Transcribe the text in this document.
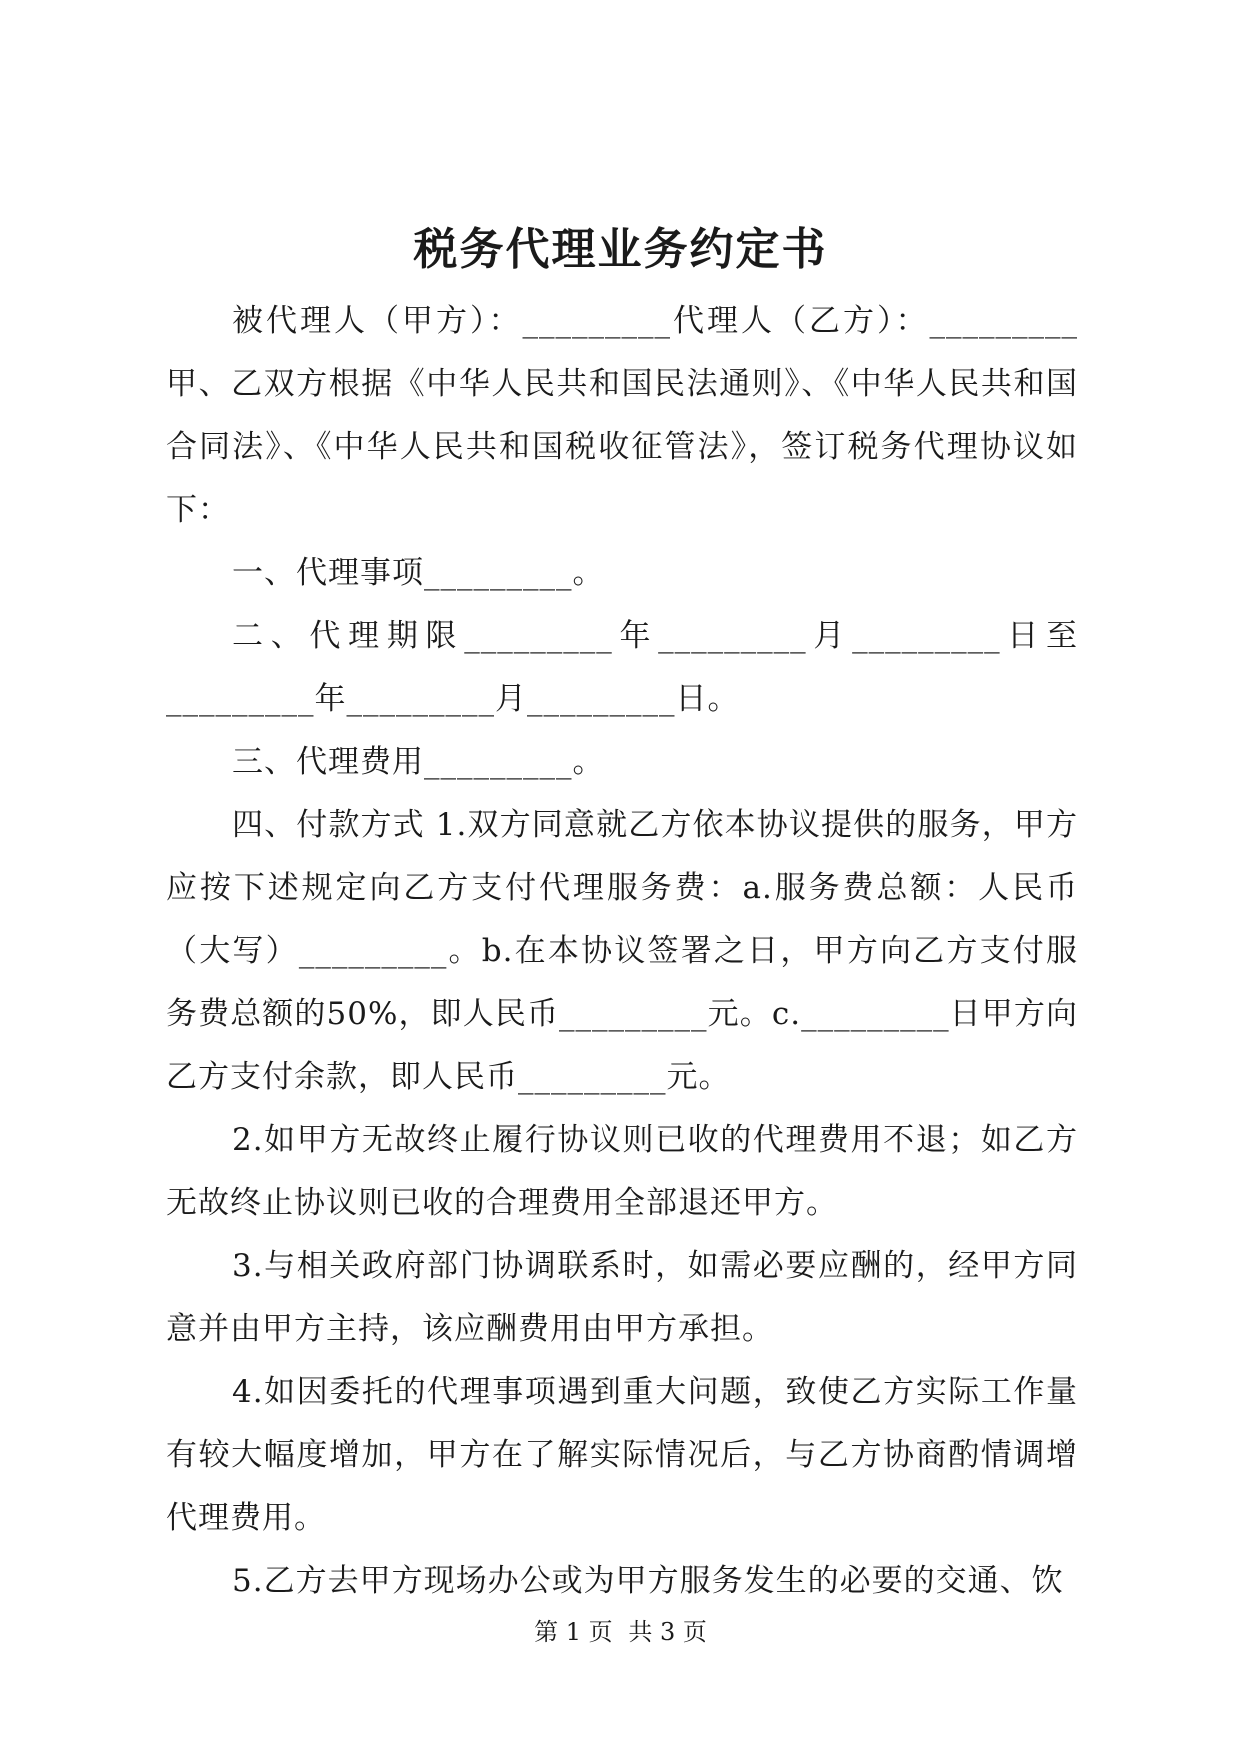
税务代理业务约定书

被代理人（甲方）：_________代理人（乙方）：_________甲、乙双方根据《中华人民共和国民法通则》、《中华人民共和国合同法》、《中华人民共和国税收征管法》，签订税务代理协议如下：

一、代理事项_________。

二、代理期限_________年_________月_________日至

_________年_________月_________日。

三、代理费用_________。

四、付款方式 1.双方同意就乙方依本协议提供的服务，甲方应按下述规定向乙方支付代理服务费：a.服务费总额：人民币（大写）_________。b.在本协议签署之日，甲方向乙方支付服务费总额的50%，即人民币_________元。c._________日甲方向乙方支付余款，即人民币_________元。

2.如甲方无故终止履行协议则已收的代理费用不退；如乙方无故终止协议则已收的合理费用全部退还甲方。

3.与相关政府部门协调联系时，如需必要应酬的，经甲方同意并由甲方主持，该应酬费用由甲方承担。

4.如因委托的代理事项遇到重大问题，致使乙方实际工作量有较大幅度增加，甲方在了解实际情况后，与乙方协商酌情调增代理费用。

5.乙方去甲方现场办公或为甲方服务发生的必要的交通、饮

第 1 页 共 3 页
